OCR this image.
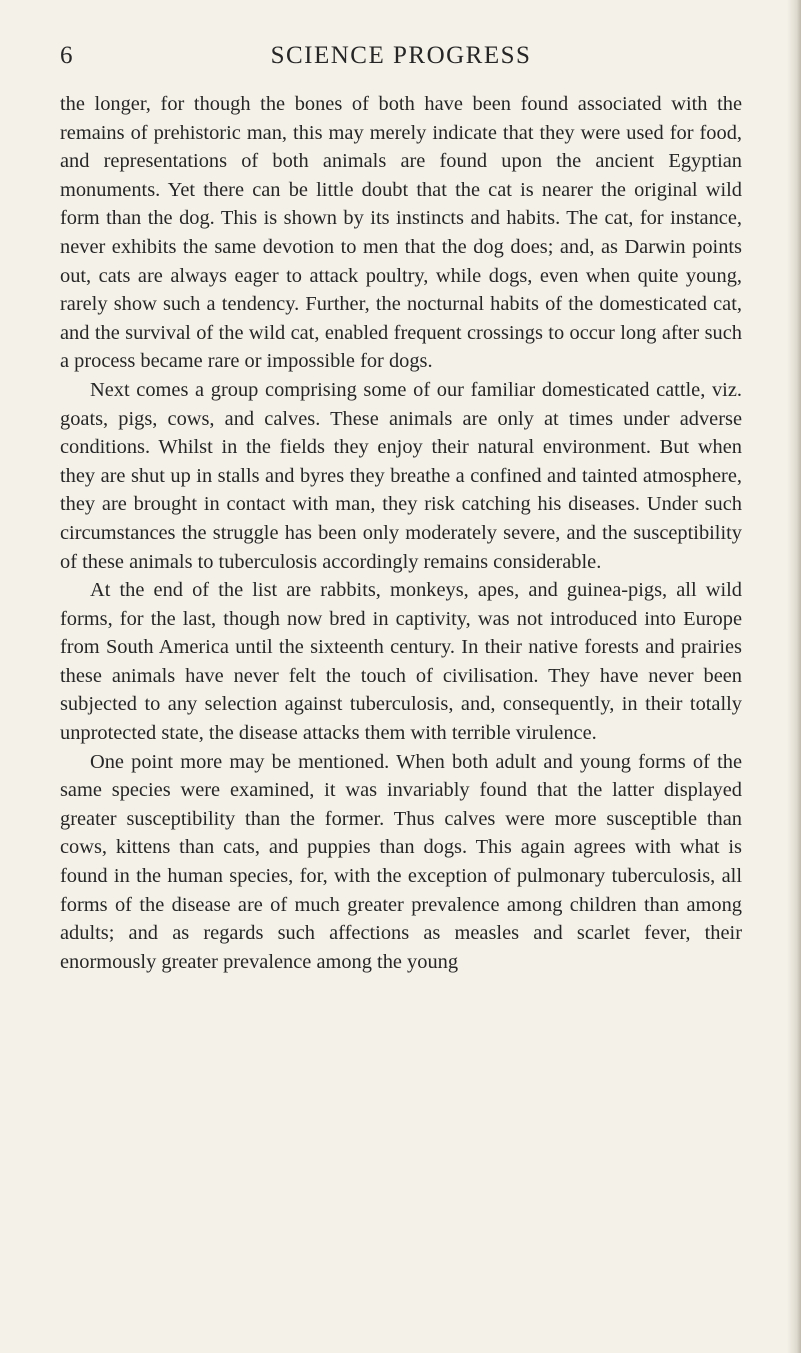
6	SCIENCE PROGRESS

the longer, for though the bones of both have been found associated with the remains of prehistoric man, this may merely indicate that they were used for food, and representations of both animals are found upon the ancient Egyptian monuments. Yet there can be little doubt that the cat is nearer the original wild form than the dog. This is shown by its instincts and habits. The cat, for instance, never exhibits the same devotion to men that the dog does; and, as Darwin points out, cats are always eager to attack poultry, while dogs, even when quite young, rarely show such a tendency. Further, the nocturnal habits of the domesticated cat, and the survival of the wild cat, enabled frequent crossings to occur long after such a process became rare or impossible for dogs.

Next comes a group comprising some of our familiar domesticated cattle, viz. goats, pigs, cows, and calves. These animals are only at times under adverse conditions. Whilst in the fields they enjoy their natural environment. But when they are shut up in stalls and byres they breathe a confined and tainted atmosphere, they are brought in contact with man, they risk catching his diseases. Under such circumstances the struggle has been only moderately severe, and the susceptibility of these animals to tuberculosis accordingly remains considerable.

At the end of the list are rabbits, monkeys, apes, and guinea-pigs, all wild forms, for the last, though now bred in captivity, was not introduced into Europe from South America until the sixteenth century. In their native forests and prairies these animals have never felt the touch of civilisation. They have never been subjected to any selection against tuberculosis, and, consequently, in their totally unprotected state, the disease attacks them with terrible virulence.

One point more may be mentioned. When both adult and young forms of the same species were examined, it was invariably found that the latter displayed greater susceptibility than the former. Thus calves were more susceptible than cows, kittens than cats, and puppies than dogs. This again agrees with what is found in the human species, for, with the exception of pulmonary tuberculosis, all forms of the disease are of much greater prevalence among children than among adults; and as regards such affections as measles and scarlet fever, their enormously greater prevalence among the young
